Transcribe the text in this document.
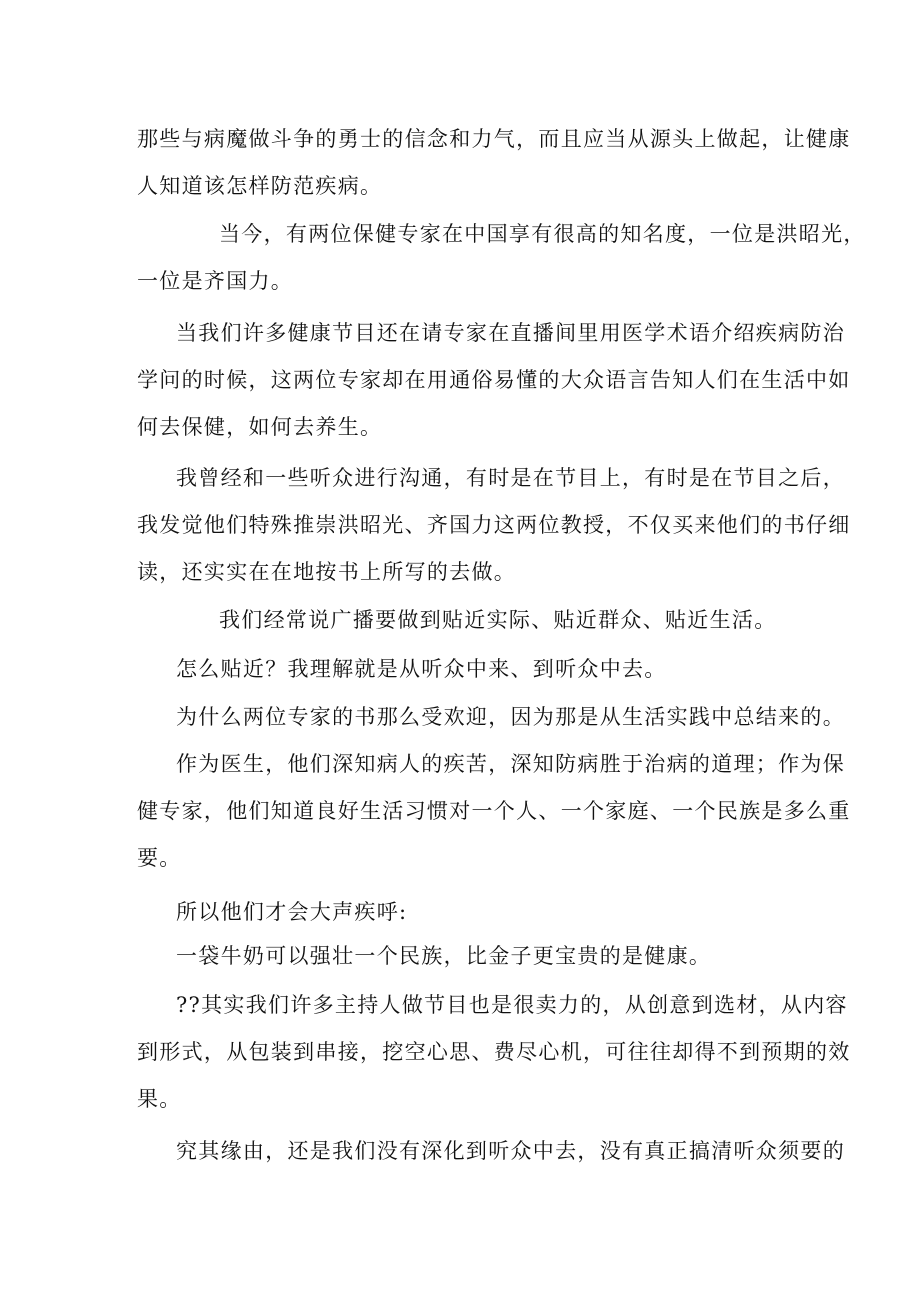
那些与病魔做斗争的勇士的信念和力气，而且应当从源头上做起，让健康
人知道该怎样防范疾病。
当今，有两位保健专家在中国享有很高的知名度，一位是洪昭光，
一位是齐国力。
当我们许多健康节目还在请专家在直播间里用医学术语介绍疾病防治
学问的时候，这两位专家却在用通俗易懂的大众语言告知人们在生活中如
何去保健，如何去养生。
我曾经和一些听众进行沟通，有时是在节目上，有时是在节目之后，
我发觉他们特殊推崇洪昭光、齐国力这两位教授，不仅买来他们的书仔细
读，还实实在在地按书上所写的去做。
我们经常说广播要做到贴近实际、贴近群众、贴近生活。
怎么贴近？我理解就是从听众中来、到听众中去。
为什么两位专家的书那么受欢迎，因为那是从生活实践中总结来的。
作为医生，他们深知病人的疾苦，深知防病胜于治病的道理；作为保
健专家，他们知道良好生活习惯对一个人、一个家庭、一个民族是多么重
要。
所以他们才会大声疾呼:
一袋牛奶可以强壮一个民族，比金子更宝贵的是健康。
??其实我们许多主持人做节目也是很卖力的，从创意到选材，从内容
到形式，从包装到串接，挖空心思、费尽心机，可往往却得不到预期的效
果。
究其缘由，还是我们没有深化到听众中去，没有真正搞清听众须要的
